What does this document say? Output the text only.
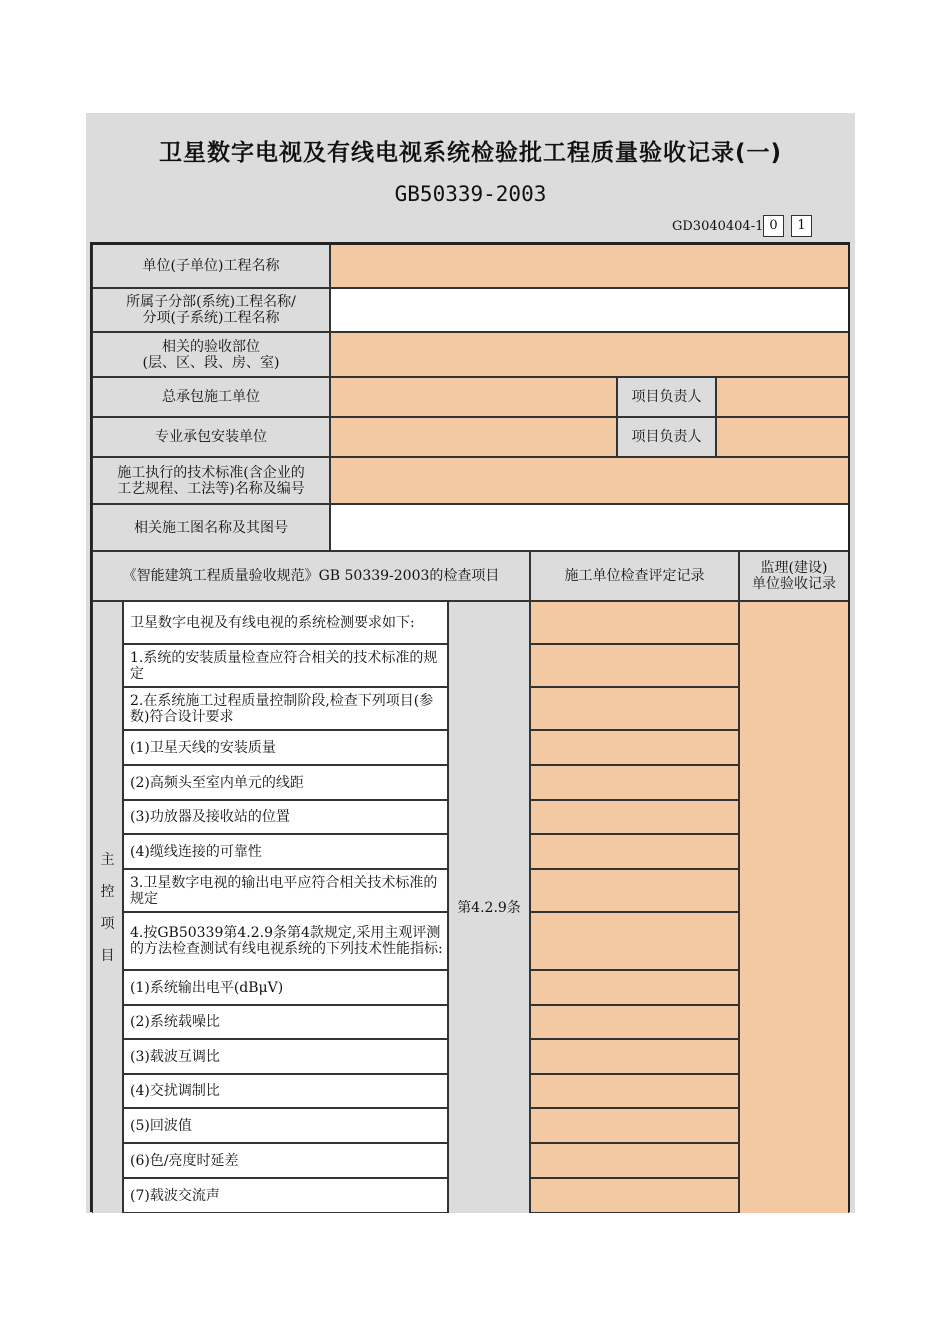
卫星数字电视及有线电视系统检验批工程质量验收记录(一)
GB50339-2003
GD3040404-1 0	1
单位(子单位)工程名称
所属子分部(系统)工程名称/
分项(子系统)工程名称
相关的验收部位
(层、区、段、房、室)
总承包施工单位	项目负责人
专业承包安装单位	项目负责人
施工执行的技术标准(含企业的
工艺规程、工法等)名称及编号
相关施工图名称及其图号
《智能建筑工程质量验收规范》GB 50339-2003的检查项目	施工单位检查评定记录	监理(建设)
单位验收记录
主
控
项
目
第4.2.9条
卫星数字电视及有线电视的系统检测要求如下:
1.系统的安装质量检查应符合相关的技术标准的规定
2.在系统施工过程质量控制阶段,检查下列项目(参数)符合设计要求
(1)卫星天线的安装质量
(2)高频头至室内单元的线距
(3)功放器及接收站的位置
(4)缆线连接的可靠性
3.卫星数字电视的输出电平应符合相关技术标准的规定
4.按GB50339第4.2.9条第4款规定,采用主观评测的方法检查测试有线电视系统的下列技术性能指标:
(1)系统输出电平(dBμV)
(2)系统载噪比
(3)载波互调比
(4)交扰调制比
(5)回波值
(6)色/亮度时延差
(7)载波交流声
